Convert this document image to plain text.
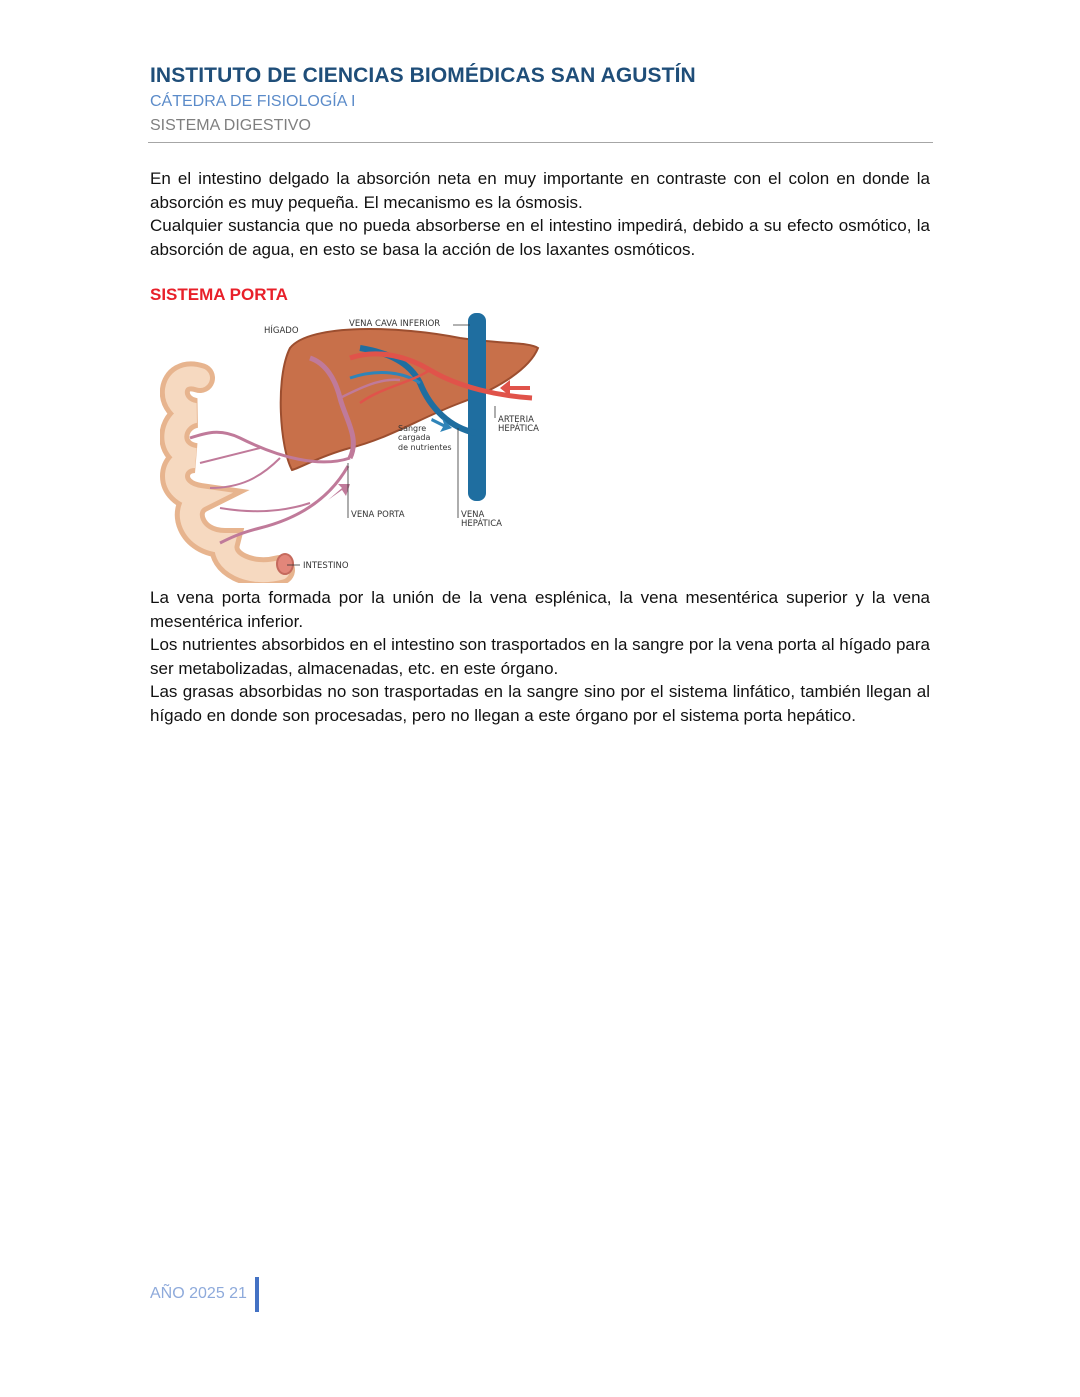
INSTITUTO DE CIENCIAS BIOMÉDICAS SAN AGUSTÍN

CÁTEDRA DE FISIOLOGÍA I

SISTEMA DIGESTIVO

En el intestino delgado la absorción neta en muy importante en contraste con el colon en donde la absorción es muy pequeña. El mecanismo es la ósmosis.

Cualquier sustancia que no pueda absorberse en el intestino impedirá, debido a su efecto osmótico, la absorción de agua, en esto se basa la acción de los laxantes osmóticos.

SISTEMA PORTA
HÍGADO
VENA CAVA INFERIOR
ARTERIA
HEPÁTICA
Sangre
cargada
de nutrientes
VENA PORTA	VENA
HEPÁTICA
INTESTINO

La vena porta formada por la unión de la vena esplénica, la vena mesentérica superior y la vena mesentérica inferior.

Los nutrientes absorbidos en el intestino son trasportados en la sangre por la vena porta al hígado para ser metabolizadas, almacenadas, etc. en este órgano.

Las grasas absorbidas no son trasportadas en la sangre sino por el sistema linfático, también llegan al hígado en donde son procesadas, pero no llegan a este órgano por el sistema porta hepático.

AÑO 2025 21
